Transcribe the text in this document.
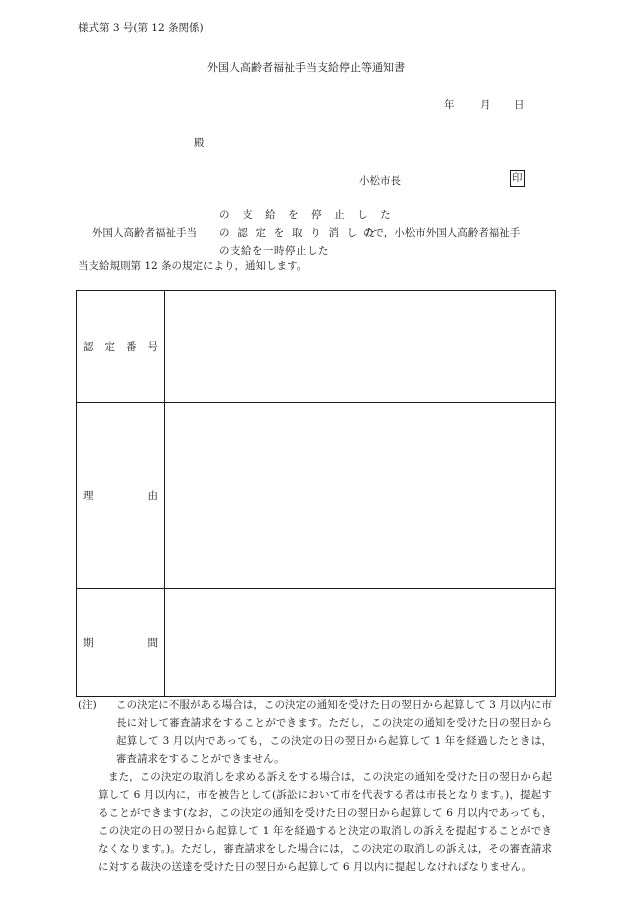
様式第 3 号(第 12 条関係)
外国人高齢者福祉手当支給停止等通知書
年 月 日
殿
小松市長	印
外国人高齢者福祉手当
の 支 給 を 停 止 し た
の 認 定 を 取 り 消 し た
の支給を一時停止した
ので，小松市外国人高齢者福祉手
当支給規則第 12 条の規定により，通知します。
認 定 番 号	

理 由	

期 間	

(注)	この決定に不服がある場合は，この決定の通知を受けた日の翌日から起算して 3 月以内に市長に対して審査請求をすることができます。ただし，この決定の通知を受けた日の翌日から起算して 3 月以内であっても，この決定の日の翌日から起算して 1 年を経過したときは，審査請求をすることができません。

また，この決定の取消しを求める訴えをする場合は，この決定の通知を受けた日の翌日から起算して 6 月以内に，市を被告として(訴訟において市を代表する者は市長となります。)，提起することができます(なお，この決定の通知を受けた日の翌日から起算して 6 月以内であっても，この決定の日の翌日から起算して 1 年を経過すると決定の取消しの訴えを提起することができなくなります。)。ただし，審査請求をした場合には，この決定の取消しの訴えは，その審査請求に対する裁決の送達を受けた日の翌日から起算して 6 月以内に提起しなければなりません。
